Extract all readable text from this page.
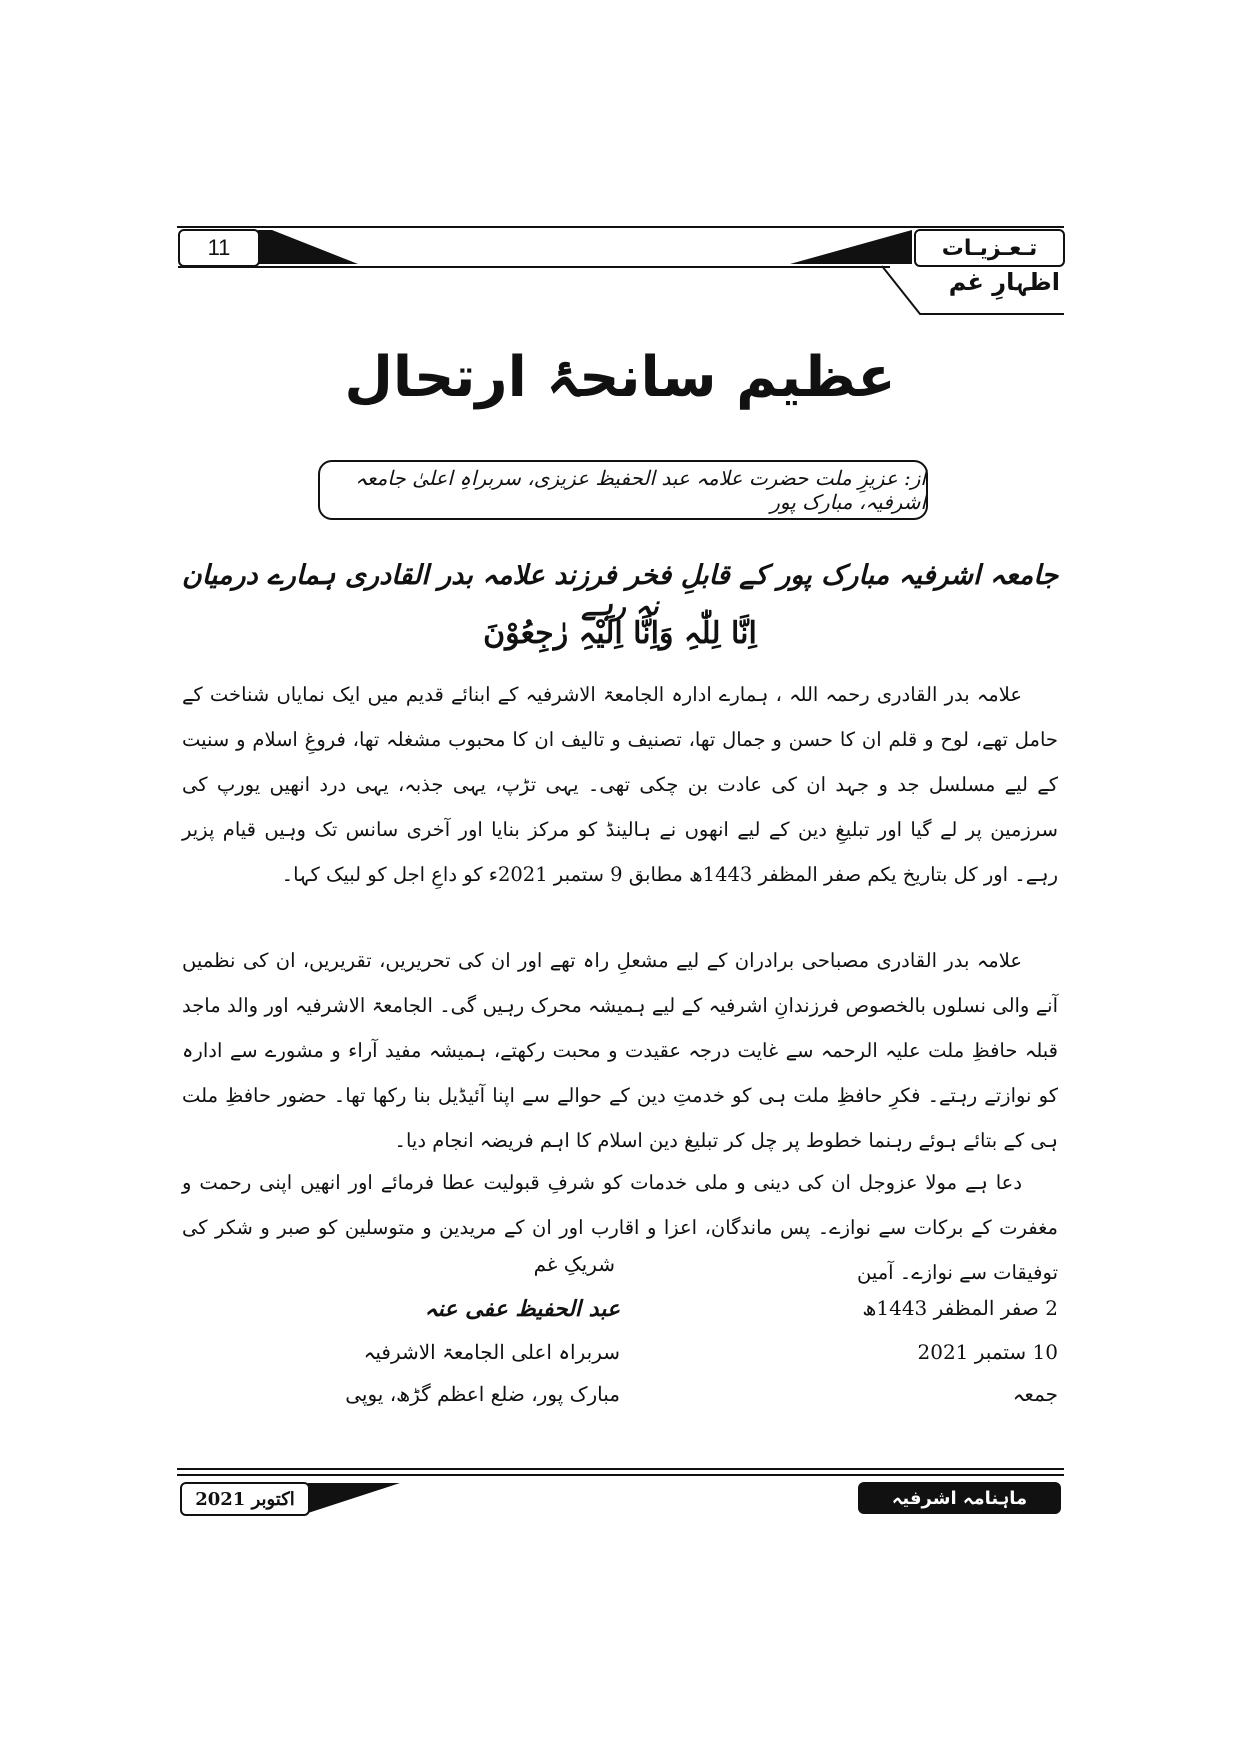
11	تـعـزیـات
اظہارِ غم
عظیم سانحۂ ارتحال
از: عزیزِ ملت حضرت علامہ عبد الحفیظ عزیزی، سربراہِ اعلیٰ جامعہ اشرفیہ، مبارک پور
جامعہ اشرفیہ مبارک پور کے قابلِ فخر فرزند علامہ بدر القادری ہمارے درمیان نہ رہے
اِنَّا لِلّٰہِ وَاِنَّا اِلَیْہِ رٰجِعُوْنَ
علامہ بدر القادری رحمہ اللہ ، ہمارے ادارہ الجامعۃ الاشرفیہ کے ابنائے قدیم میں ایک نمایاں شناخت کے حامل تھے، لوح و قلم ان کا حسن و جمال تھا، تصنیف و تالیف ان کا محبوب مشغلہ تھا، فروغِ اسلام و سنیت کے لیے مسلسل جد و جہد ان کی عادت بن چکی تھی۔ یہی تڑپ، یہی جذبہ، یہی درد انھیں یورپ کی سرزمین پر لے گیا اور تبلیغِ دین کے لیے انھوں نے ہالینڈ کو مرکز بنایا اور آخری سانس تک وہیں قیام پزیر رہے۔ اور کل بتاریخ یکم صفر المظفر 1443ھ مطابق 9 ستمبر 2021ء کو داعِ اجل کو لبیک کہا۔
علامہ بدر القادری مصباحی برادران کے لیے مشعلِ راہ تھے اور ان کی تحریریں، تقریریں، ان کی نظمیں آنے والی نسلوں بالخصوص فرزندانِ اشرفیہ کے لیے ہمیشہ محرک رہیں گی۔ الجامعۃ الاشرفیہ اور والد ماجد قبلہ حافظِ ملت علیہ الرحمہ سے غایت درجہ عقیدت و محبت رکھتے، ہمیشہ مفید آراء و مشورے سے ادارہ کو نوازتے رہتے۔ فکرِ حافظِ ملت ہی کو خدمتِ دین کے حوالے سے اپنا آئیڈیل بنا رکھا تھا۔ حضور حافظِ ملت ہی کے بتائے ہوئے رہنما خطوط پر چل کر تبلیغ دین اسلام کا اہم فریضہ انجام دیا۔
دعا ہے مولا عزوجل ان کی دینی و ملی خدمات کو شرفِ قبولیت عطا فرمائے اور انھیں اپنی رحمت و مغفرت کے برکات سے نوازے۔ پس ماندگان، اعزا و اقارب اور ان کے مریدین و متوسلین کو صبر و شکر کی توفیقات سے نوازے۔ آمین
شریکِ غم
عبد الحفیظ عفی عنہ
سربراہ اعلی الجامعۃ الاشرفیہ
مبارک پور، ضلع اعظم گڑھ، یوپی
2 صفر المظفر 1443ھ
10 ستمبر 2021
جمعہ
اکتوبر 2021	ماہنامہ اشرفیہ
